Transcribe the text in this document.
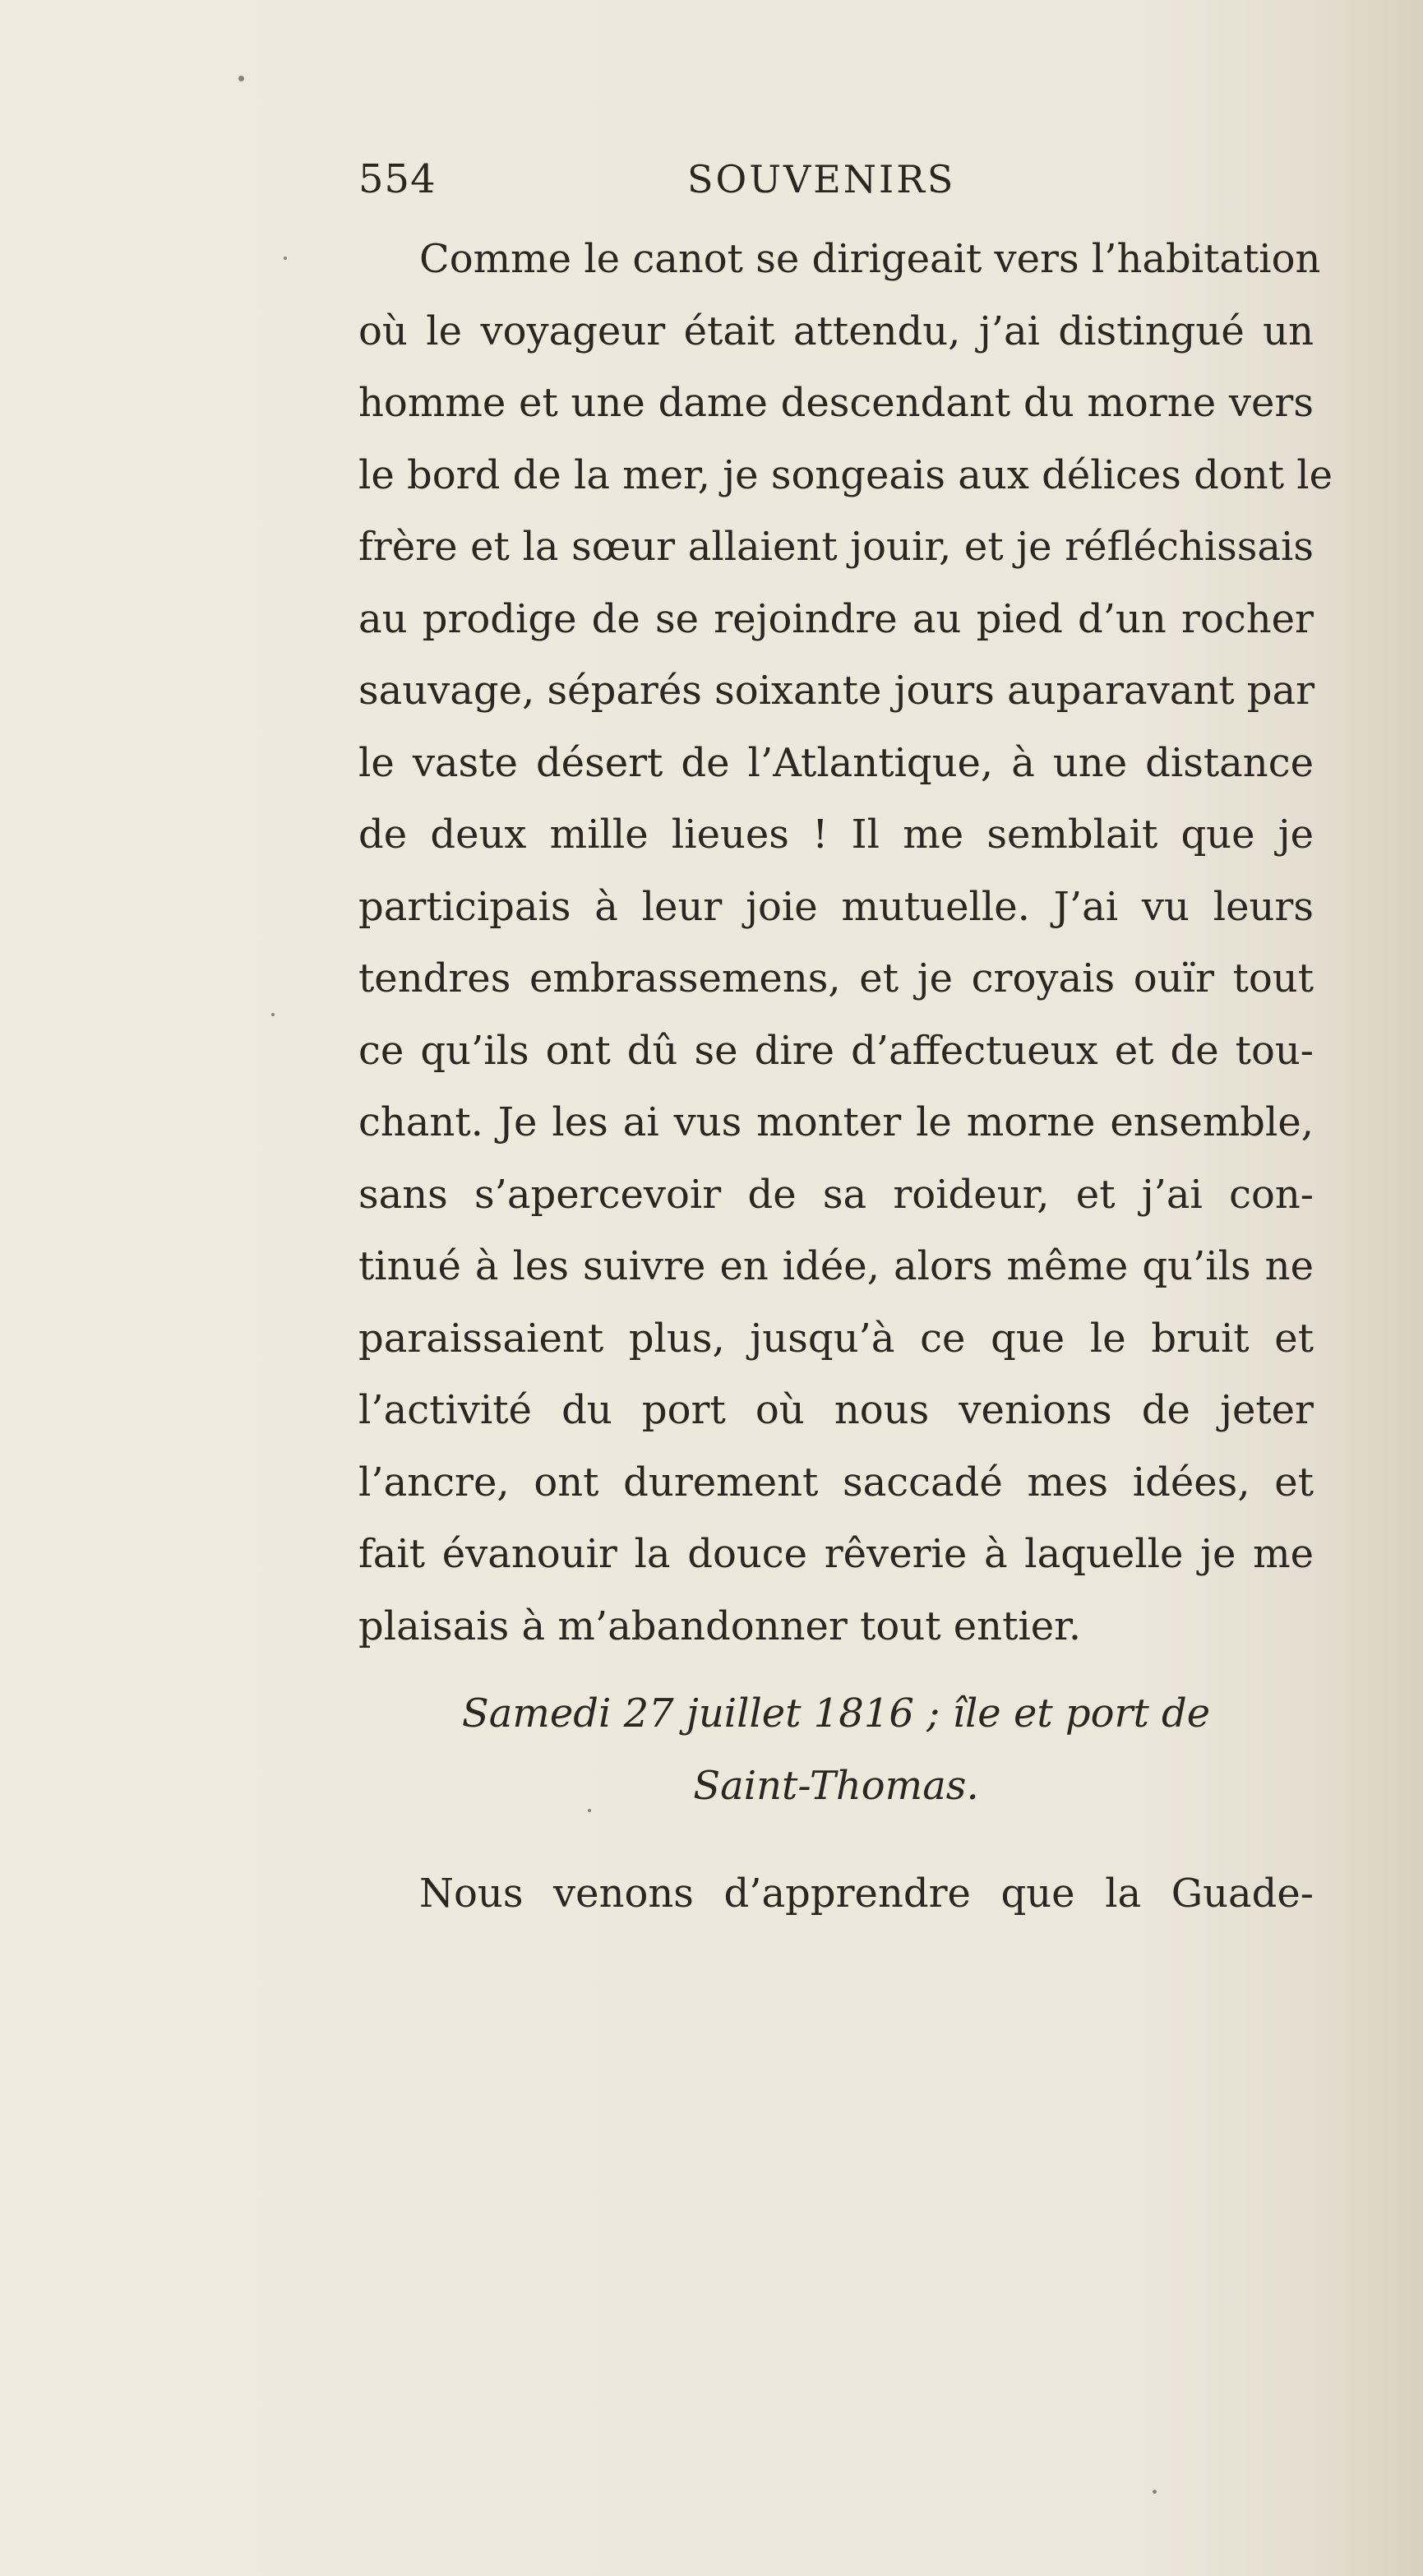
554	SOUVENIRS
Comme le canot se dirigeait vers l’habitation
où le voyageur était attendu, j’ai distingué un
homme et une dame descendant du morne vers
le bord de la mer, je songeais aux délices dont le
frère et la sœur allaient jouir, et je réfléchissais
au prodige de se rejoindre au pied d’un rocher
sauvage, séparés soixante jours auparavant par
le vaste désert de l’Atlantique, à une distance
de deux mille lieues ! Il me semblait que je
participais à leur joie mutuelle. J’ai vu leurs
tendres embrassemens, et je croyais ouïr tout
ce qu’ils ont dû se dire d’affectueux et de tou-
chant. Je les ai vus monter le morne ensemble,
sans s’apercevoir de sa roideur, et j’ai con-
tinué à les suivre en idée, alors même qu’ils ne
paraissaient plus, jusqu’à ce que le bruit et
l’activité du port où nous venions de jeter
l’ancre, ont durement saccadé mes idées, et
fait évanouir la douce rêverie à laquelle je me
plaisais à m’abandonner tout entier.
Samedi 27 juillet 1816 ; île et port de
Saint-Thomas.
Nous venons d’apprendre que la Guade-
